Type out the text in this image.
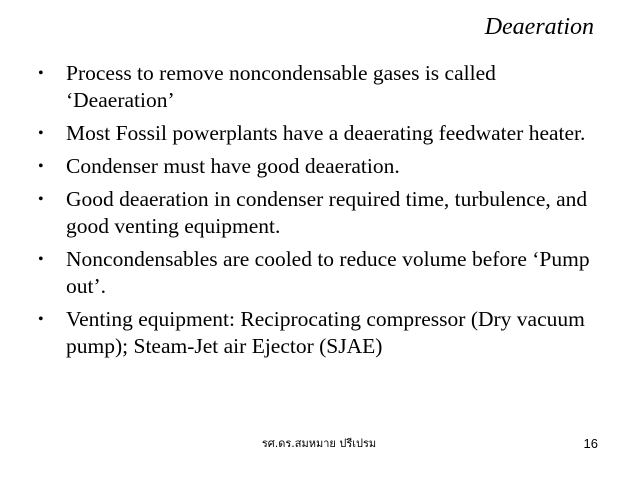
Deaeration
•	Process to remove noncondensable gases is called ‘Deaeration’
•	Most Fossil powerplants have a deaerating feedwater heater.
•	Condenser must have good deaeration.
•	Good deaeration in condenser required time, turbulence, and good venting equipment.
•	Noncondensables are cooled to reduce volume before ‘Pump out’.
•	Venting equipment: Reciprocating compressor (Dry vacuum pump); Steam-Jet air Ejector (SJAE)
รศ.ดร.สมหมาย ปรีเปรม	16
